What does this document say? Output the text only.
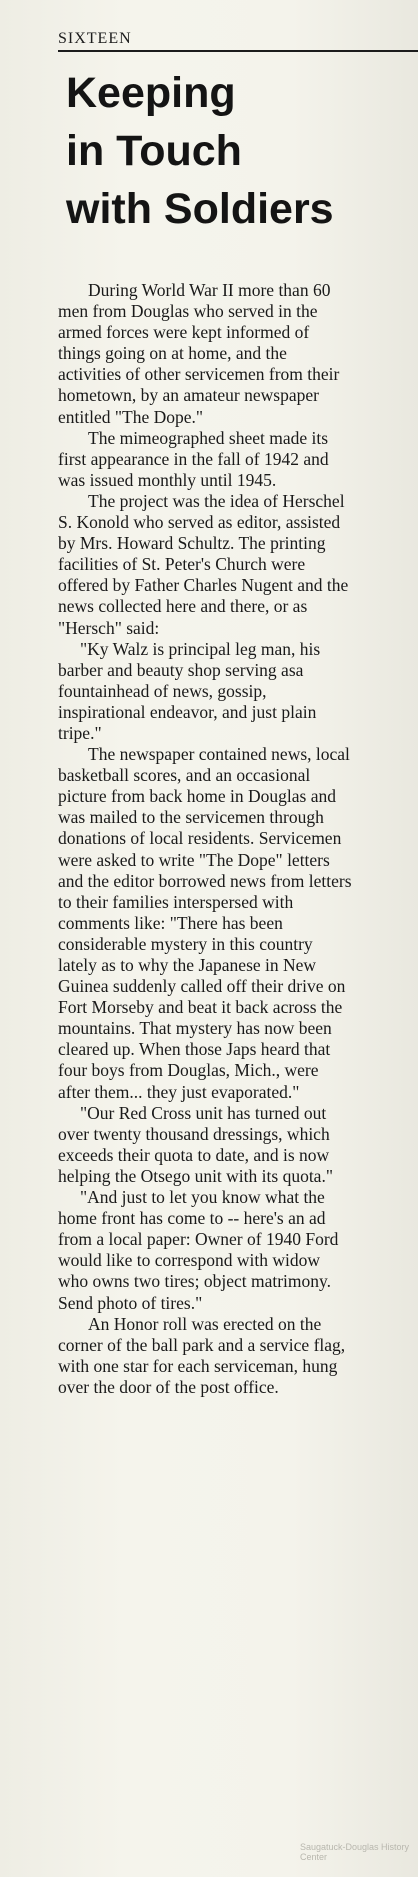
SIXTEEN
Keeping
in Touch
with Soldiers

During World War II more than 60 men from Douglas who served in the armed forces were kept informed of things going on at home, and the activities of other servicemen from their hometown, by an amateur newspaper entitled "The Dope."

The mimeographed sheet made its first appearance in the fall of 1942 and was issued monthly until 1945.

The project was the idea of Herschel S. Konold who served as editor, assisted by Mrs. Howard Schultz. The printing facilities of St. Peter's Church were offered by Father Charles Nugent and the news collected here and there, or as "Hersch" said:

"Ky Walz is principal leg man, his barber and beauty shop serving asa fountainhead of news, gossip, inspirational endeavor, and just plain tripe."

The newspaper contained news, local basketball scores, and an occasional picture from back home in Douglas and was mailed to the servicemen through donations of local residents. Servicemen were asked to write "The Dope" letters and the editor borrowed news from letters to their families interspersed with comments like: "There has been considerable mystery in this country lately as to why the Japanese in New Guinea suddenly called off their drive on Fort Morseby and beat it back across the mountains. That mystery has now been cleared up. When those Japs heard that four boys from Douglas, Mich., were after them... they just evaporated."

"Our Red Cross unit has turned out over twenty thousand dressings, which exceeds their quota to date, and is now helping the Otsego unit with its quota."

"And just to let you know what the home front has come to -- here's an ad from a local paper: Owner of 1940 Ford would like to correspond with widow who owns two tires; object matrimony. Send photo of tires."

An Honor roll was erected on the corner of the ball park and a service flag, with one star for each serviceman, hung over the door of the post office.

Saugatuck-Douglas History Center
